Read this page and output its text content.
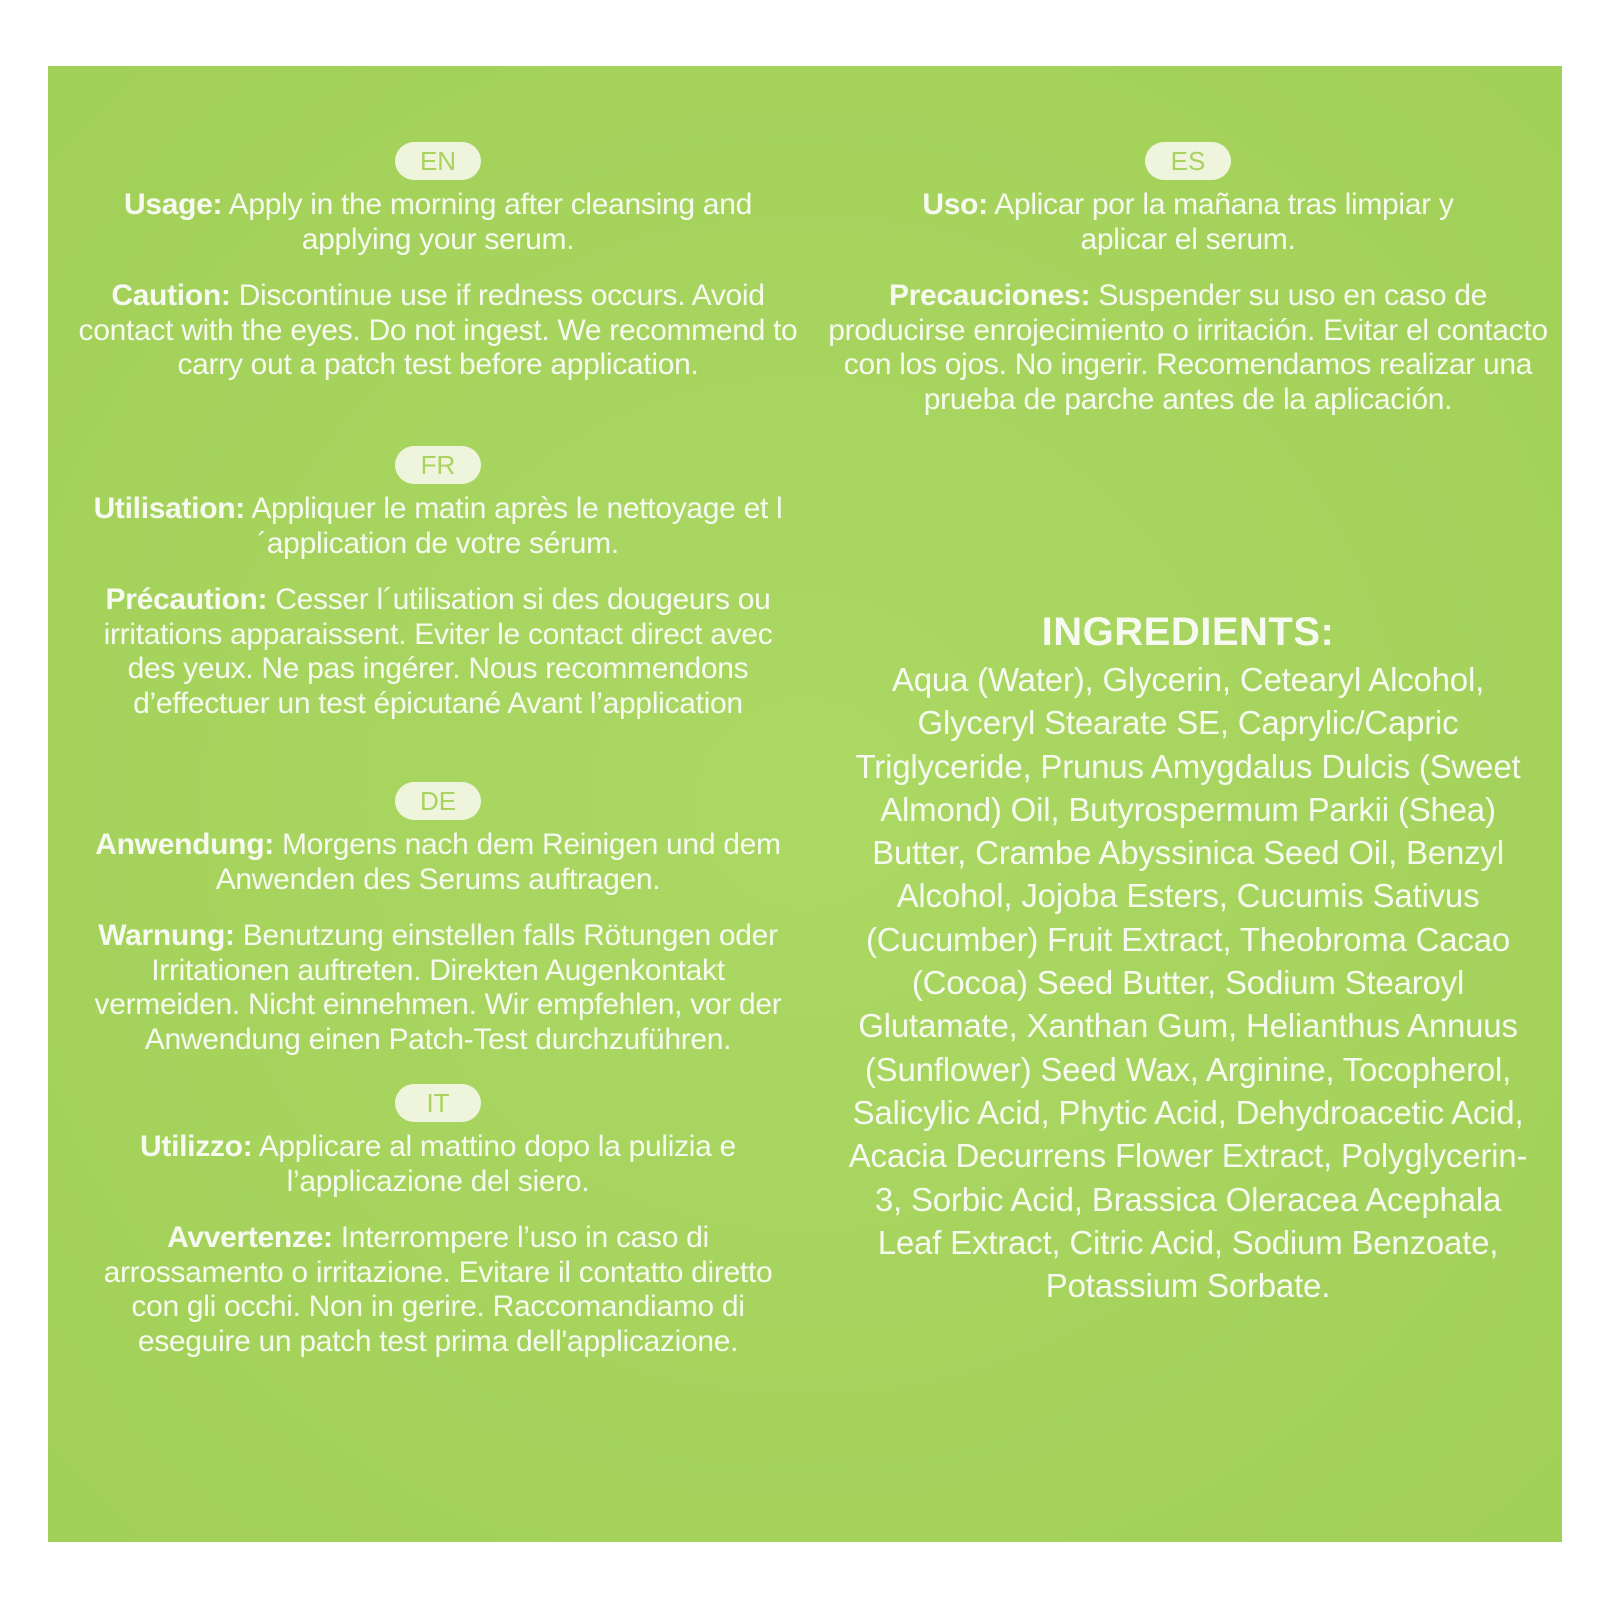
EN

Usage: Apply in the morning after cleansing and applying your serum.

Caution: Discontinue use if redness occurs. Avoid contact with the eyes. Do not ingest. We recommend to carry out a patch test before application.

FR

Utilisation: Appliquer le matin après le nettoyage et l´application de votre sérum.

Précaution: Cesser l´utilisation si des dougeurs ou irritations apparaissent. Eviter le contact direct avec des yeux. Ne pas ingérer. Nous recommendons d’effectuer un test épicutané Avant l’application

DE

Anwendung: Morgens nach dem Reinigen und dem Anwenden des Serums auftragen.

Warnung: Benutzung einstellen falls Rötungen oder Irritationen auftreten. Direkten Augenkontakt vermeiden. Nicht einnehmen. Wir empfehlen, vor der Anwendung einen Patch-Test durchzuführen.

IT

Utilizzo: Applicare al mattino dopo la pulizia e l’applicazione del siero.

Avvertenze: Interrompere l’uso in caso di arrossamento o irritazione. Evitare il contatto diretto con gli occhi. Non in gerire. Raccomandiamo di eseguire un patch test prima dell'applicazione.

ES

Uso: Aplicar por la mañana tras limpiar y aplicar el serum.

Precauciones: Suspender su uso en caso de producirse enrojecimiento o irritación. Evitar el contacto con los ojos. No ingerir. Recomendamos realizar una prueba de parche antes de la aplicación.

INGREDIENTS:

Aqua (Water), Glycerin, Cetearyl Alcohol, Glyceryl Stearate SE, Caprylic/Capric Triglyceride, Prunus Amygdalus Dulcis (Sweet Almond) Oil, Butyrospermum Parkii (Shea) Butter, Crambe Abyssinica Seed Oil, Benzyl Alcohol, Jojoba Esters, Cucumis Sativus (Cucumber) Fruit Extract, Theobroma Cacao (Cocoa) Seed Butter, Sodium Stearoyl Glutamate, Xanthan Gum, Helianthus Annuus (Sunflower) Seed Wax, Arginine, Tocopherol, Salicylic Acid, Phytic Acid, Dehydroacetic Acid, Acacia Decurrens Flower Extract, Polyglycerin-3, Sorbic Acid, Brassica Oleracea Acephala Leaf Extract, Citric Acid, Sodium Benzoate, Potassium Sorbate.
